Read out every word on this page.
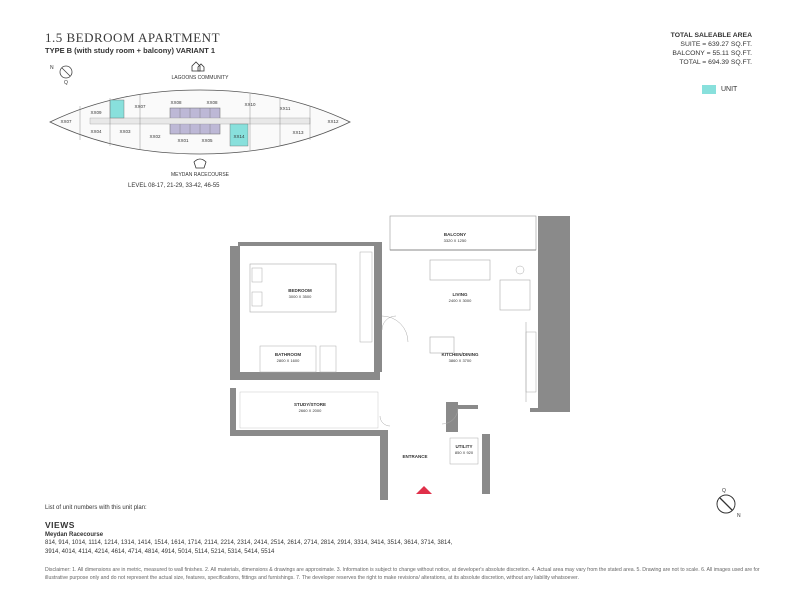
1.5 BEDROOM APARTMENT
TYPE B (with study room + balcony) VARIANT 1
TOTAL SALEABLE AREA
SUITE = 639.27 SQ.FT.
BALCONY = 55.11 SQ.FT.
TOTAL = 694.39 SQ.FT.
UNIT
N
Q
LAGOONS COMMUNITY
XX09
XX07
XX07
XX08	XX08
XX04	XX03
XX02
XX01	XX05
XX14
XX10
XX11
XX12
XX13
MEYDAN RACECOURSE
LEVEL 08-17, 21-29, 33-42, 46-55
BALCONY
3320 X 1250
BEDROOM
3000 X 3500	LIVING
2400 X 3000
KITCHEN/DINING
3860 X 3700
BATHROOM
2800 X 1600
STUDY/STORE
2660 X 2000
UTILITY
850 X 920
ENTRANCE
Q
N
List of unit numbers with this unit plan:
VIEWS
Meydan Racecourse
814, 914, 1014, 1114, 1214, 1314, 1414, 1514, 1614, 1714, 2114, 2214, 2314, 2414, 2514, 2614, 2714, 2814, 2914, 3314, 3414, 3514, 3614, 3714, 3814,
3914, 4014, 4114, 4214, 4614, 4714, 4814, 4914, 5014, 5114, 5214, 5314, 5414, 5514
Disclaimer: 1. All dimensions are in metric, measured to wall finishes. 2. All materials, dimensions & drawings are approximate. 3. Information is subject to change without notice, at developer's absolute discretion. 4. Actual area may vary from the stated area. 5. Drawing are not to scale. 6. All images used are for illustrative purpose only and do not represent the actual size, features, specifications, fittings and furnishings. 7. The developer reserves the right to make revisions/ alterations, at its absolute discretion, without any liability whatsoever.
